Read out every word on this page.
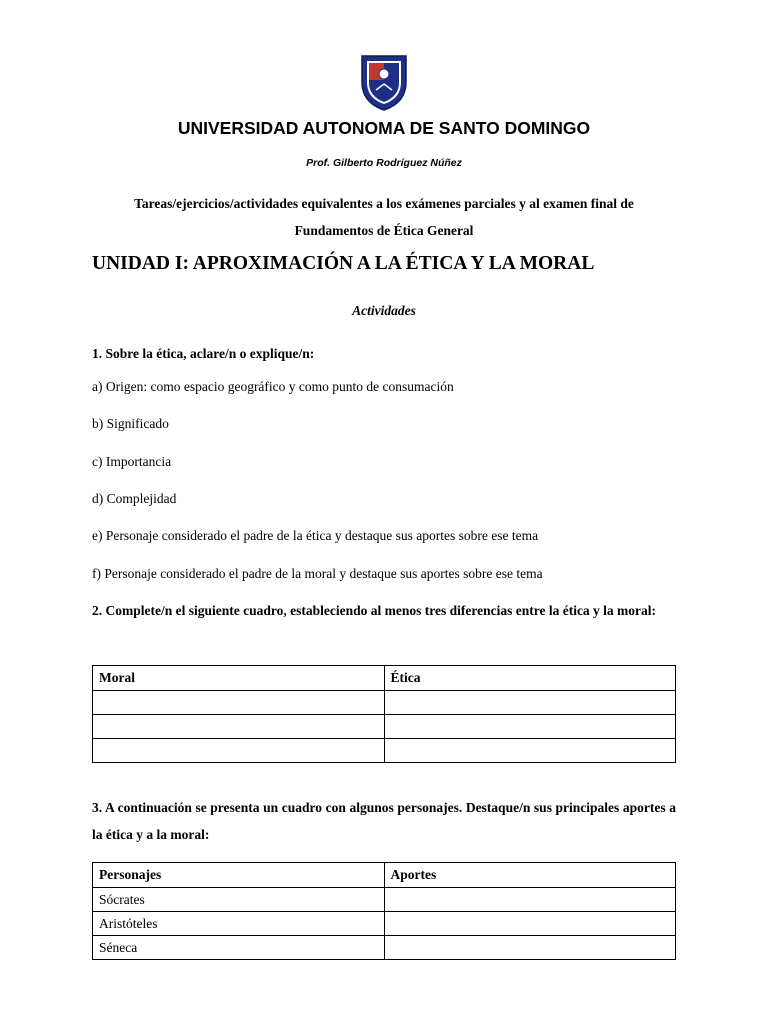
UNIVERSIDAD AUTONOMA DE SANTO DOMINGO
Prof. Gilberto Rodríguez Núñez
Tareas/ejercicios/actividades equivalentes a los exámenes parciales y al examen final de
Fundamentos de Ética General
UNIDAD I: APROXIMACIÓN A LA ÉTICA Y LA MORAL
Actividades
1. Sobre la ética, aclare/n o explique/n:
a) Origen: como espacio geográfico y como punto de consumación
b) Significado
c) Importancia
d) Complejidad
e) Personaje considerado el padre de la ética y destaque sus aportes sobre ese tema
f) Personaje considerado el padre de la moral y destaque sus aportes sobre ese tema
2. Complete/n el siguiente cuadro, estableciendo al menos tres diferencias entre la ética y la moral:
Moral	Ética

3. A continuación se presenta un cuadro con algunos personajes. Destaque/n sus principales aportes a la ética y a la moral:
Personajes	Aportes
Sócrates	
Aristóteles	
Séneca	
